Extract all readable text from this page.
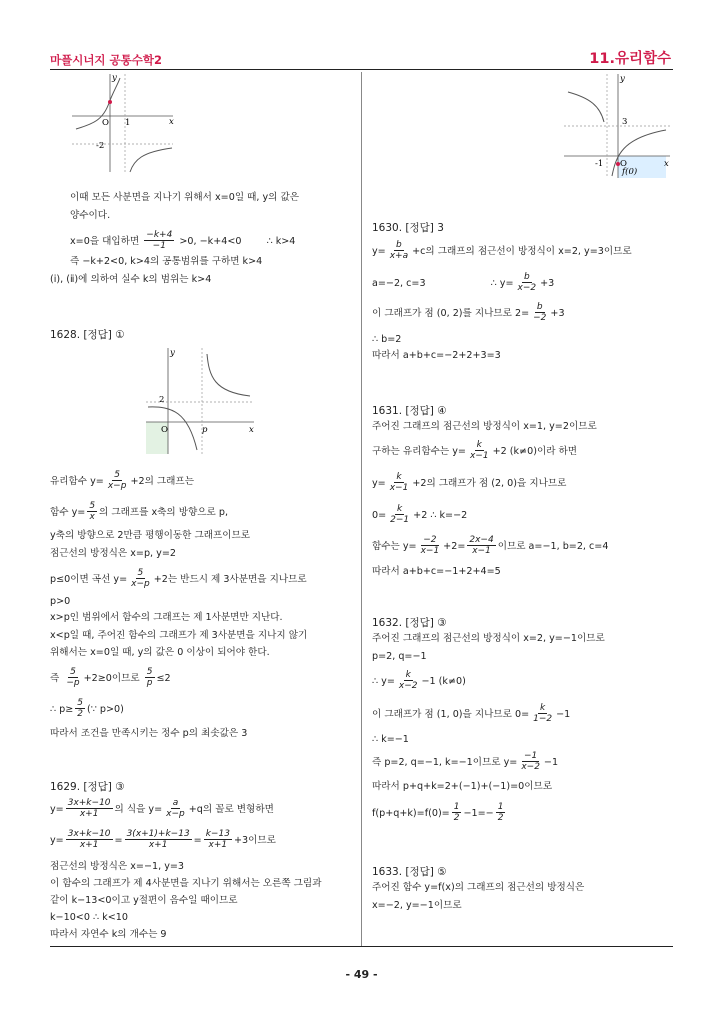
마플시너지 공통수학2	11.유리함수
- 49 -
O	x
y
1
-2
이때 모든 사분면을 지나기 위해서 x=0일 때, y의 값은
양수이다.
x=0을 대입하면 $\frac{-k+4}{-1} >0$, −k+4<0	∴ k>4
즉 −k+2<0, k>4의 공통범위를 구하면 k>4
(ⅰ), (ⅱ)에 의하여 실수 k의 범위는 k>4
1628. [정답] ①
O	x
y
2
p
유리함수 $y= \frac{5}{x-p} +2$의 그래프는
함수 $y= \frac{5}{x}$ 의 그래프를 x축의 방향으로 p,
y축의 방향으로 2만큼 평행이동한 그래프이므로
점근선의 방정식은 x=p, y=2
p≤0이면 곡선 $y= \frac{5}{x-p} +2$는 반드시 제 3사분면을 지나므로
p>0
x>p인 범위에서 함수의 그래프는 제 1사분면만 지난다.
x<p일 때, 주어진 함수의 그래프가 제 3사분면을 지나지 않기
위해서는 x=0일 때, y의 값은 0 이상이 되어야 한다.
즉 $\frac{5}{-p} +2\ge 0$이므로 $\frac{5}{p} \le 2$
∴ $p\ge \frac{5}{2}$ (∵ p>0)
따라서 조건을 만족시키는 정수 p의 최솟값은 3
1629. [정답] ③
$y= \frac{3x+k-10}{x+1}$ 의 식을 $y= \frac{a}{x-p} +q$의 꼴로 변형하면
$y= \frac{3x+k-10}{x+1} = \frac{3(x+1)+k-13}{x+1} = \frac{k-13}{x+1} +3$이므로
점근선의 방정식은 x=−1, y=3
이 함수의 그래프가 제 4사분면을 지나기 위해서는 오른쪽 그림과
같이 k−13<0이고 y절편이 음수일 때이므로
k−10<0 ∴ k<10
따라서 자연수 k의 개수는 9
O	x
y
3
-1
f(0)
1630. [정답] 3
$y= \frac{b}{x+a} +c$의 그래프의 점근선이 방정식이 x=2, y=3이므로
a=−2, c=3	∴ $y= \frac{b}{x-2} +3$
이 그래프가 점 (0, 2)를 지나므로 $2= \frac{b}{-2} +3$
∴ b=2
따라서 a+b+c=−2+2+3=3
1631. [정답] ④
주어진 그래프의 점근선의 방정식이 x=1, y=2이므로
구하는 유리함수는 $y= \frac{k}{x-1} +2$ (k≠0)이라 하면
$y= \frac{k}{x-1} +2$의 그래프가 점 (2, 0)을 지나므로
$0= \frac{k}{2-1} +2$ ∴ k=−2
함수는 $y= \frac{-2}{x-1} +2= \frac{2x-4}{x-1}$ 이므로 a=−1, b=2, c=4
따라서 a+b+c=−1+2+4=5
1632. [정답] ③
주어진 그래프의 점근선의 방정식이 x=2, y=−1이므로
p=2, q=−1
∴ $y= \frac{k}{x-2} -1$ (k≠0)
이 그래프가 점 (1, 0)을 지나므로 $0= \frac{k}{1-2} -1$
∴ k=−1
즉 p=2, q=−1, k=−1이므로 $y= \frac{-1}{x-2} -1$
따라서 p+q+k=2+(−1)+(−1)=0이므로
$f(p+q+k)=f(0)= \frac{1}{2} -1=- \frac{1}{2}$
1633. [정답] ⑤
주어진 함수 y=f(x)의 그래프의 점근선의 방정식은
x=−2, y=−1이므로
